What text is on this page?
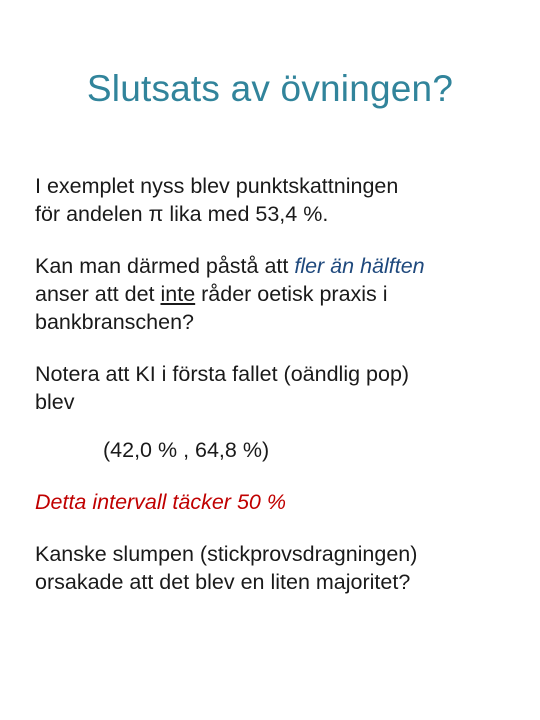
Slutsats av övningen?

I exemplet nyss blev punktskattningen
för andelen π lika med 53,4 %.

Kan man därmed påstå att fler än hälften
anser att det inte råder oetisk praxis i
bankbranschen?

Notera att KI i första fallet (oändlig pop)
blev

(42,0 % , 64,8 %)

Detta intervall täcker 50 %

Kanske slumpen (stickprovsdragningen)
orsakade att det blev en liten majoritet?
